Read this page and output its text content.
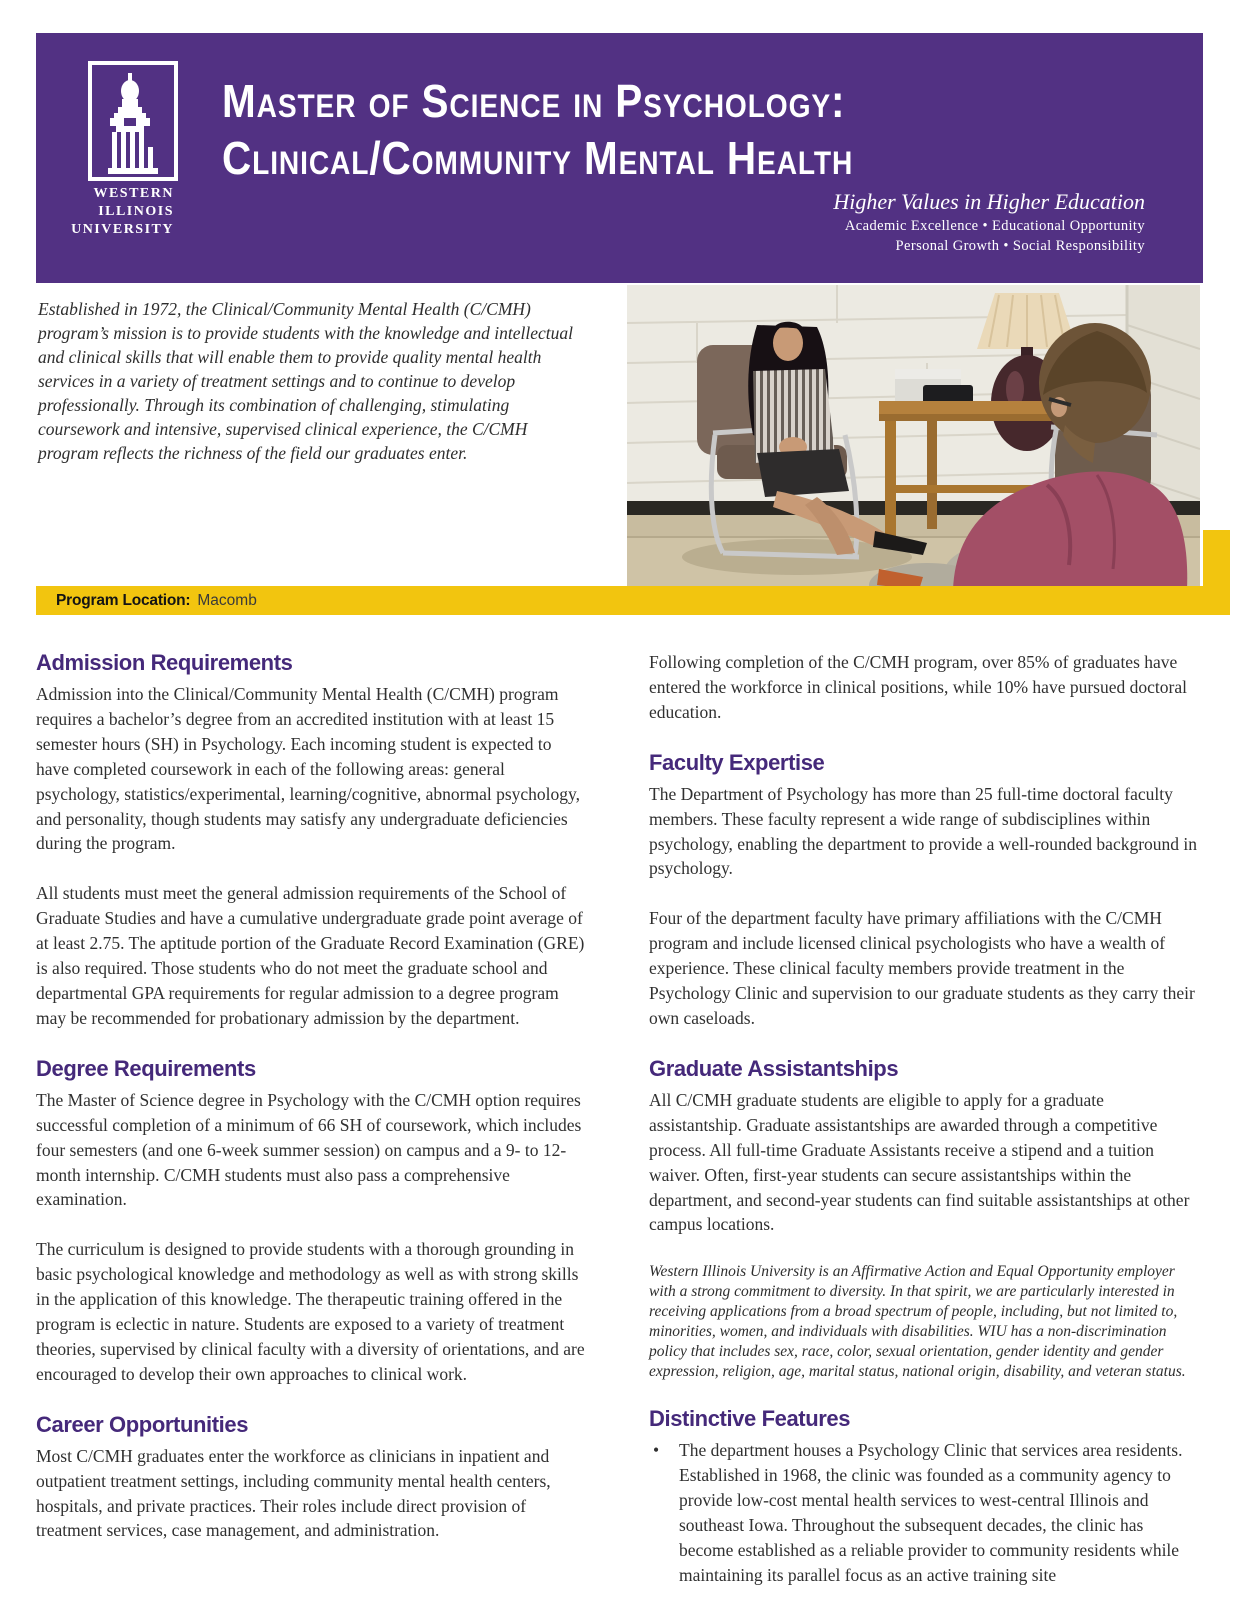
WESTERN
ILLINOIS
UNIVERSITY
Master of Science in Psychology:
Clinical/Community Mental Health
Higher Values in Higher Education
Academic Excellence • Educational Opportunity
Personal Growth • Social Responsibility
Established in 1972, the Clinical/Community Mental Health (C/CMH) program’s mission is to provide students with the knowledge and intellectual and clinical skills that will enable them to provide quality mental health services in a variety of treatment settings and to continue to develop professionally. Through its combination of challenging, stimulating coursework and intensive, supervised clinical experience, the C/CMH program reflects the richness of the field our graduates enter.
Program Location: Macomb
Admission Requirements

Admission into the Clinical/Community Mental Health (C/CMH) program requires a bachelor’s degree from an accredited institution with at least 15 semester hours (SH) in Psychology. Each incoming student is expected to have completed coursework in each of the following areas: general psychology, statistics/experimental, learning/cognitive, abnormal psychology, and personality, though students may satisfy any undergraduate deficiencies during the program.

All students must meet the general admission requirements of the School of Graduate Studies and have a cumulative undergraduate grade point average of at least 2.75. The aptitude portion of the Graduate Record Examination (GRE) is also required. Those students who do not meet the graduate school and departmental GPA requirements for regular admission to a degree program may be recommended for probationary admission by the department.

Degree Requirements

The Master of Science degree in Psychology with the C/CMH option requires successful completion of a minimum of 66 SH of coursework, which includes four semesters (and one 6-week summer session) on campus and a 9- to 12-month internship. C/CMH students must also pass a comprehensive examination.

The curriculum is designed to provide students with a thorough grounding in basic psychological knowledge and methodology as well as with strong skills in the application of this knowledge. The therapeutic training offered in the program is eclectic in nature. Students are exposed to a variety of treatment theories, supervised by clinical faculty with a diversity of orientations, and are encouraged to develop their own approaches to clinical work.

Career Opportunities

Most C/CMH graduates enter the workforce as clinicians in inpatient and outpatient treatment settings, including community mental health centers, hospitals, and private practices. Their roles include direct provision of treatment services, case management, and administration.

Following completion of the C/CMH program, over 85% of graduates have entered the workforce in clinical positions, while 10% have pursued doctoral education.

Faculty Expertise

The Department of Psychology has more than 25 full-time doctoral faculty members. These faculty represent a wide range of subdisciplines within psychology, enabling the department to provide a well-rounded background in psychology.

Four of the department faculty have primary affiliations with the C/CMH program and include licensed clinical psychologists who have a wealth of experience. These clinical faculty members provide treatment in the Psychology Clinic and supervision to our graduate students as they carry their own caseloads.

Graduate Assistantships

All C/CMH graduate students are eligible to apply for a graduate assistantship. Graduate assistantships are awarded through a competitive process. All full-time Graduate Assistants receive a stipend and a tuition waiver. Often, first-year students can secure assistantships within the department, and second-year students can find suitable assistantships at other campus locations.

Western Illinois University is an Affirmative Action and Equal Opportunity employer with a strong commitment to diversity. In that spirit, we are particularly interested in receiving applications from a broad spectrum of people, including, but not limited to, minorities, women, and individuals with disabilities. WIU has a non-discrimination policy that includes sex, race, color, sexual orientation, gender identity and gender expression, religion, age, marital status, national origin, disability, and veteran status.

Distinctive Features
•	The department houses a Psychology Clinic that services area residents. Established in 1968, the clinic was founded as a community agency to provide low-cost mental health services to west-central Illinois and southeast Iowa. Throughout the subsequent decades, the clinic has become established as a reliable provider to community residents while maintaining its parallel focus as an active training site
